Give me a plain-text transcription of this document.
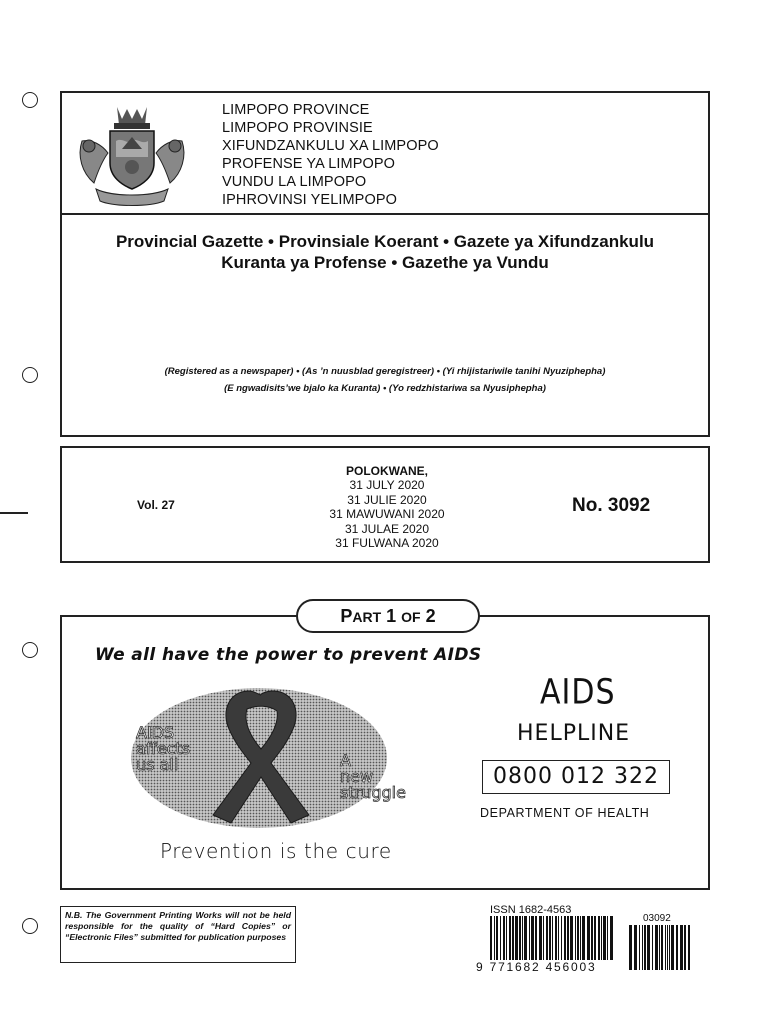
LIMPOPO PROVINCE
LIMPOPO PROVINSIE
XIFUNDZANKULU XA LIMPOPO
PROFENSE YA LIMPOPO
VUNDU LA LIMPOPO
IPHROVINSI YELIMPOPO
Provincial Gazette • Provinsiale Koerant • Gazete ya Xifundzankulu
Kuranta ya Profense • Gazethe ya Vundu
(Registered as a newspaper) • (As ’n nuusblad geregistreer) • (Yi rhijistariwile tanihi Nyuziphepha)
(E ngwadisits’we bjalo ka Kuranta) • (Yo redzhistariwa sa Nyusiphepha)
Vol. 27
POLOKWANE,
31 JULY 2020
31 JULIE 2020
31 MAWUWANI 2020
31 JULAE 2020
31 FULWANA 2020
No. 3092
PART 1 OF 2
We all have the power to prevent AIDS
AIDS
affects
us all	A
new
struggle
Prevention is the cure
AIDS
HELPLINE
0800 012 322
DEPARTMENT OF HEALTH
N.B. The Government Printing Works will not be held responsible for the quality of “Hard Copies” or “Electronic Files” submitted for publication purposes
ISSN 1682-4563
9 771682 456003
03092
